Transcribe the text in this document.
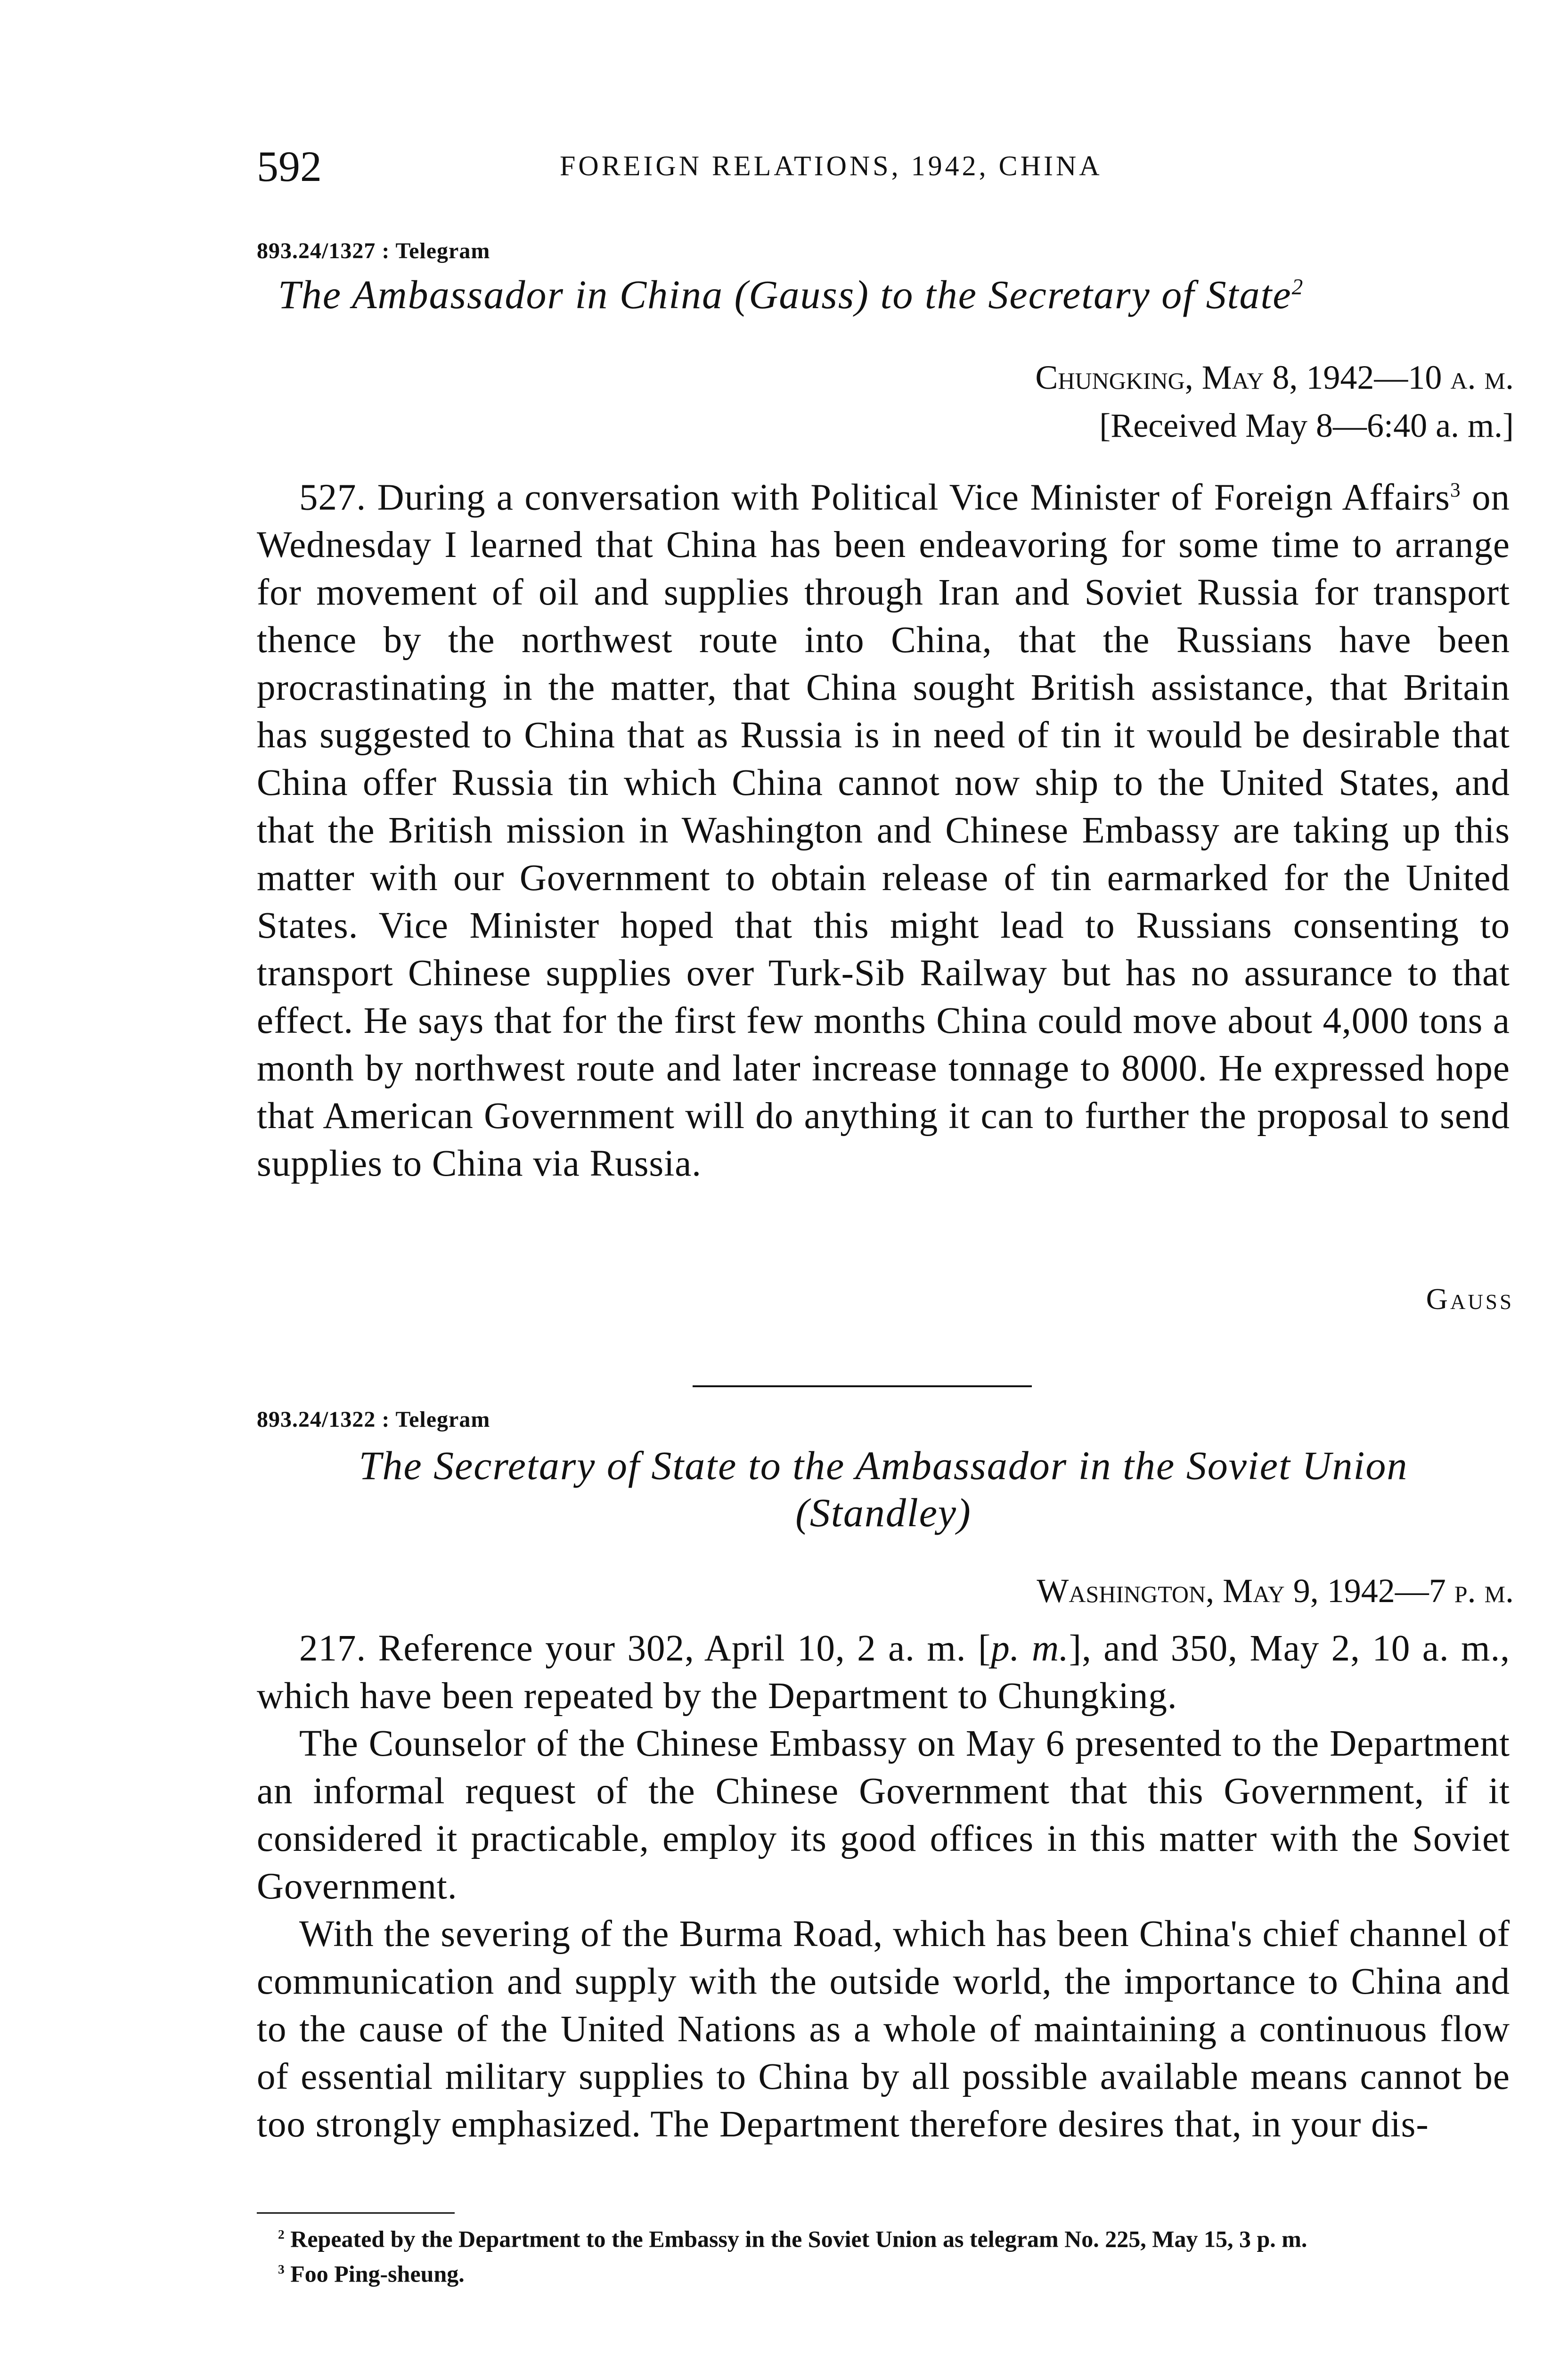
592	FOREIGN RELATIONS, 1942, CHINA
893.24/1327 : Telegram
The Ambassador in China (Gauss) to the Secretary of State$^2$
Chungking, May 8, 1942—10 a. m.
[Received May 8—6:40 a. m.]

527. During a conversation with Political Vice Minister of Foreign Affairs$^3$ on Wednesday I learned that China has been endeavoring for some time to arrange for movement of oil and supplies through Iran and Soviet Russia for transport thence by the northwest route into China, that the Russians have been procrastinating in the matter, that China sought British assistance, that Britain has suggested to China that as Russia is in need of tin it would be desirable that China offer Russia tin which China cannot now ship to the United States, and that the British mission in Washington and Chinese Embassy are taking up this matter with our Government to obtain release of tin earmarked for the United States. Vice Minister hoped that this might lead to Russians consenting to transport Chinese supplies over Turk-Sib Railway but has no assurance to that effect. He says that for the first few months China could move about 4,000 tons a month by northwest route and later increase tonnage to 8000. He expressed hope that American Government will do anything it can to further the proposal to send supplies to China via Russia.

Gauss
893.24/1322 : Telegram
The Secretary of State to the Ambassador in the Soviet Union
(Standley)
Washington, May 9, 1942—7 p. m.

217. Reference your 302, April 10, 2 a. m. [p. m.], and 350, May 2, 10 a. m., which have been repeated by the Department to Chungking.

The Counselor of the Chinese Embassy on May 6 presented to the Department an informal request of the Chinese Government that this Government, if it considered it practicable, employ its good offices in this matter with the Soviet Government.

With the severing of the Burma Road, which has been China's chief channel of communication and supply with the outside world, the importance to China and to the cause of the United Nations as a whole of maintaining a continuous flow of essential military supplies to China by all possible available means cannot be too strongly emphasized. The Department therefore desires that, in your dis-

$^2$ Repeated by the Department to the Embassy in the Soviet Union as telegram No. 225, May 15, 3 p. m.

$^3$ Foo Ping-sheung.
